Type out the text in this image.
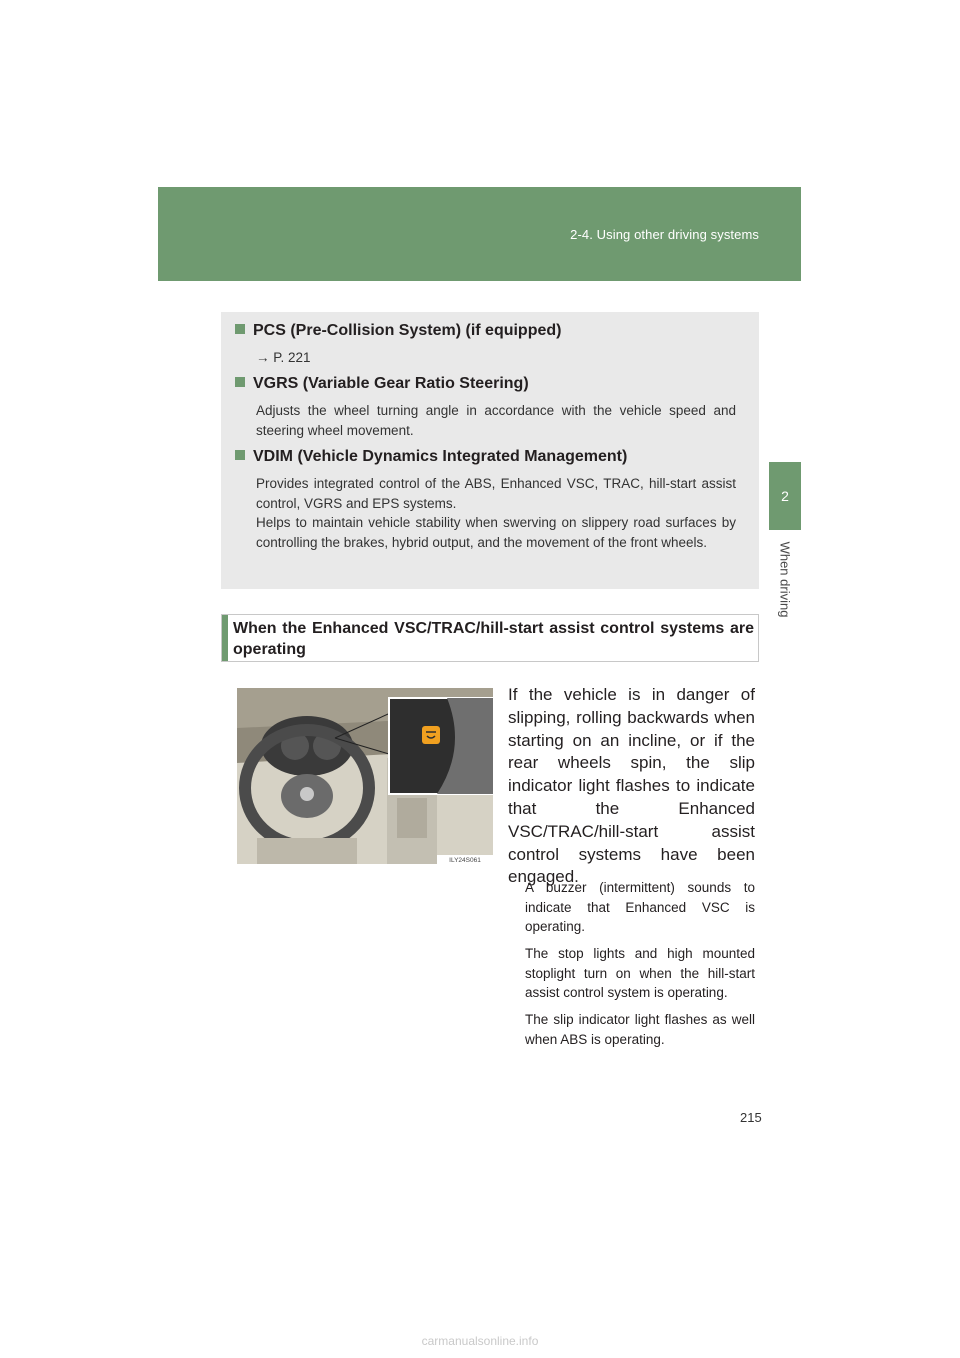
2-4. Using other driving systems
2
When driving
PCS (Pre-Collision System) (if equipped)
→ P. 221
VGRS (Variable Gear Ratio Steering)
Adjusts the wheel turning angle in accordance with the vehicle speed and steering wheel movement.
VDIM (Vehicle Dynamics Integrated Management)
Provides integrated control of the ABS, Enhanced VSC, TRAC, hill-start assist control, VGRS and EPS systems.
Helps to maintain vehicle stability when swerving on slippery road surfaces by controlling the brakes, hybrid output, and the movement of the front wheels.
When the Enhanced VSC/TRAC/hill-start assist control systems are operating
ILY24S061
If the vehicle is in danger of slipping, rolling backwards when starting on an incline, or if the rear wheels spin, the slip indicator light flashes to indicate that the Enhanced VSC/TRAC/hill-start assist control systems have been engaged.
A buzzer (intermittent) sounds to indicate that Enhanced VSC is operating.
The stop lights and high mounted stoplight turn on when the hill-start assist control system is operating.
The slip indicator light flashes as well when ABS is operating.
215
carmanualsonline.info
